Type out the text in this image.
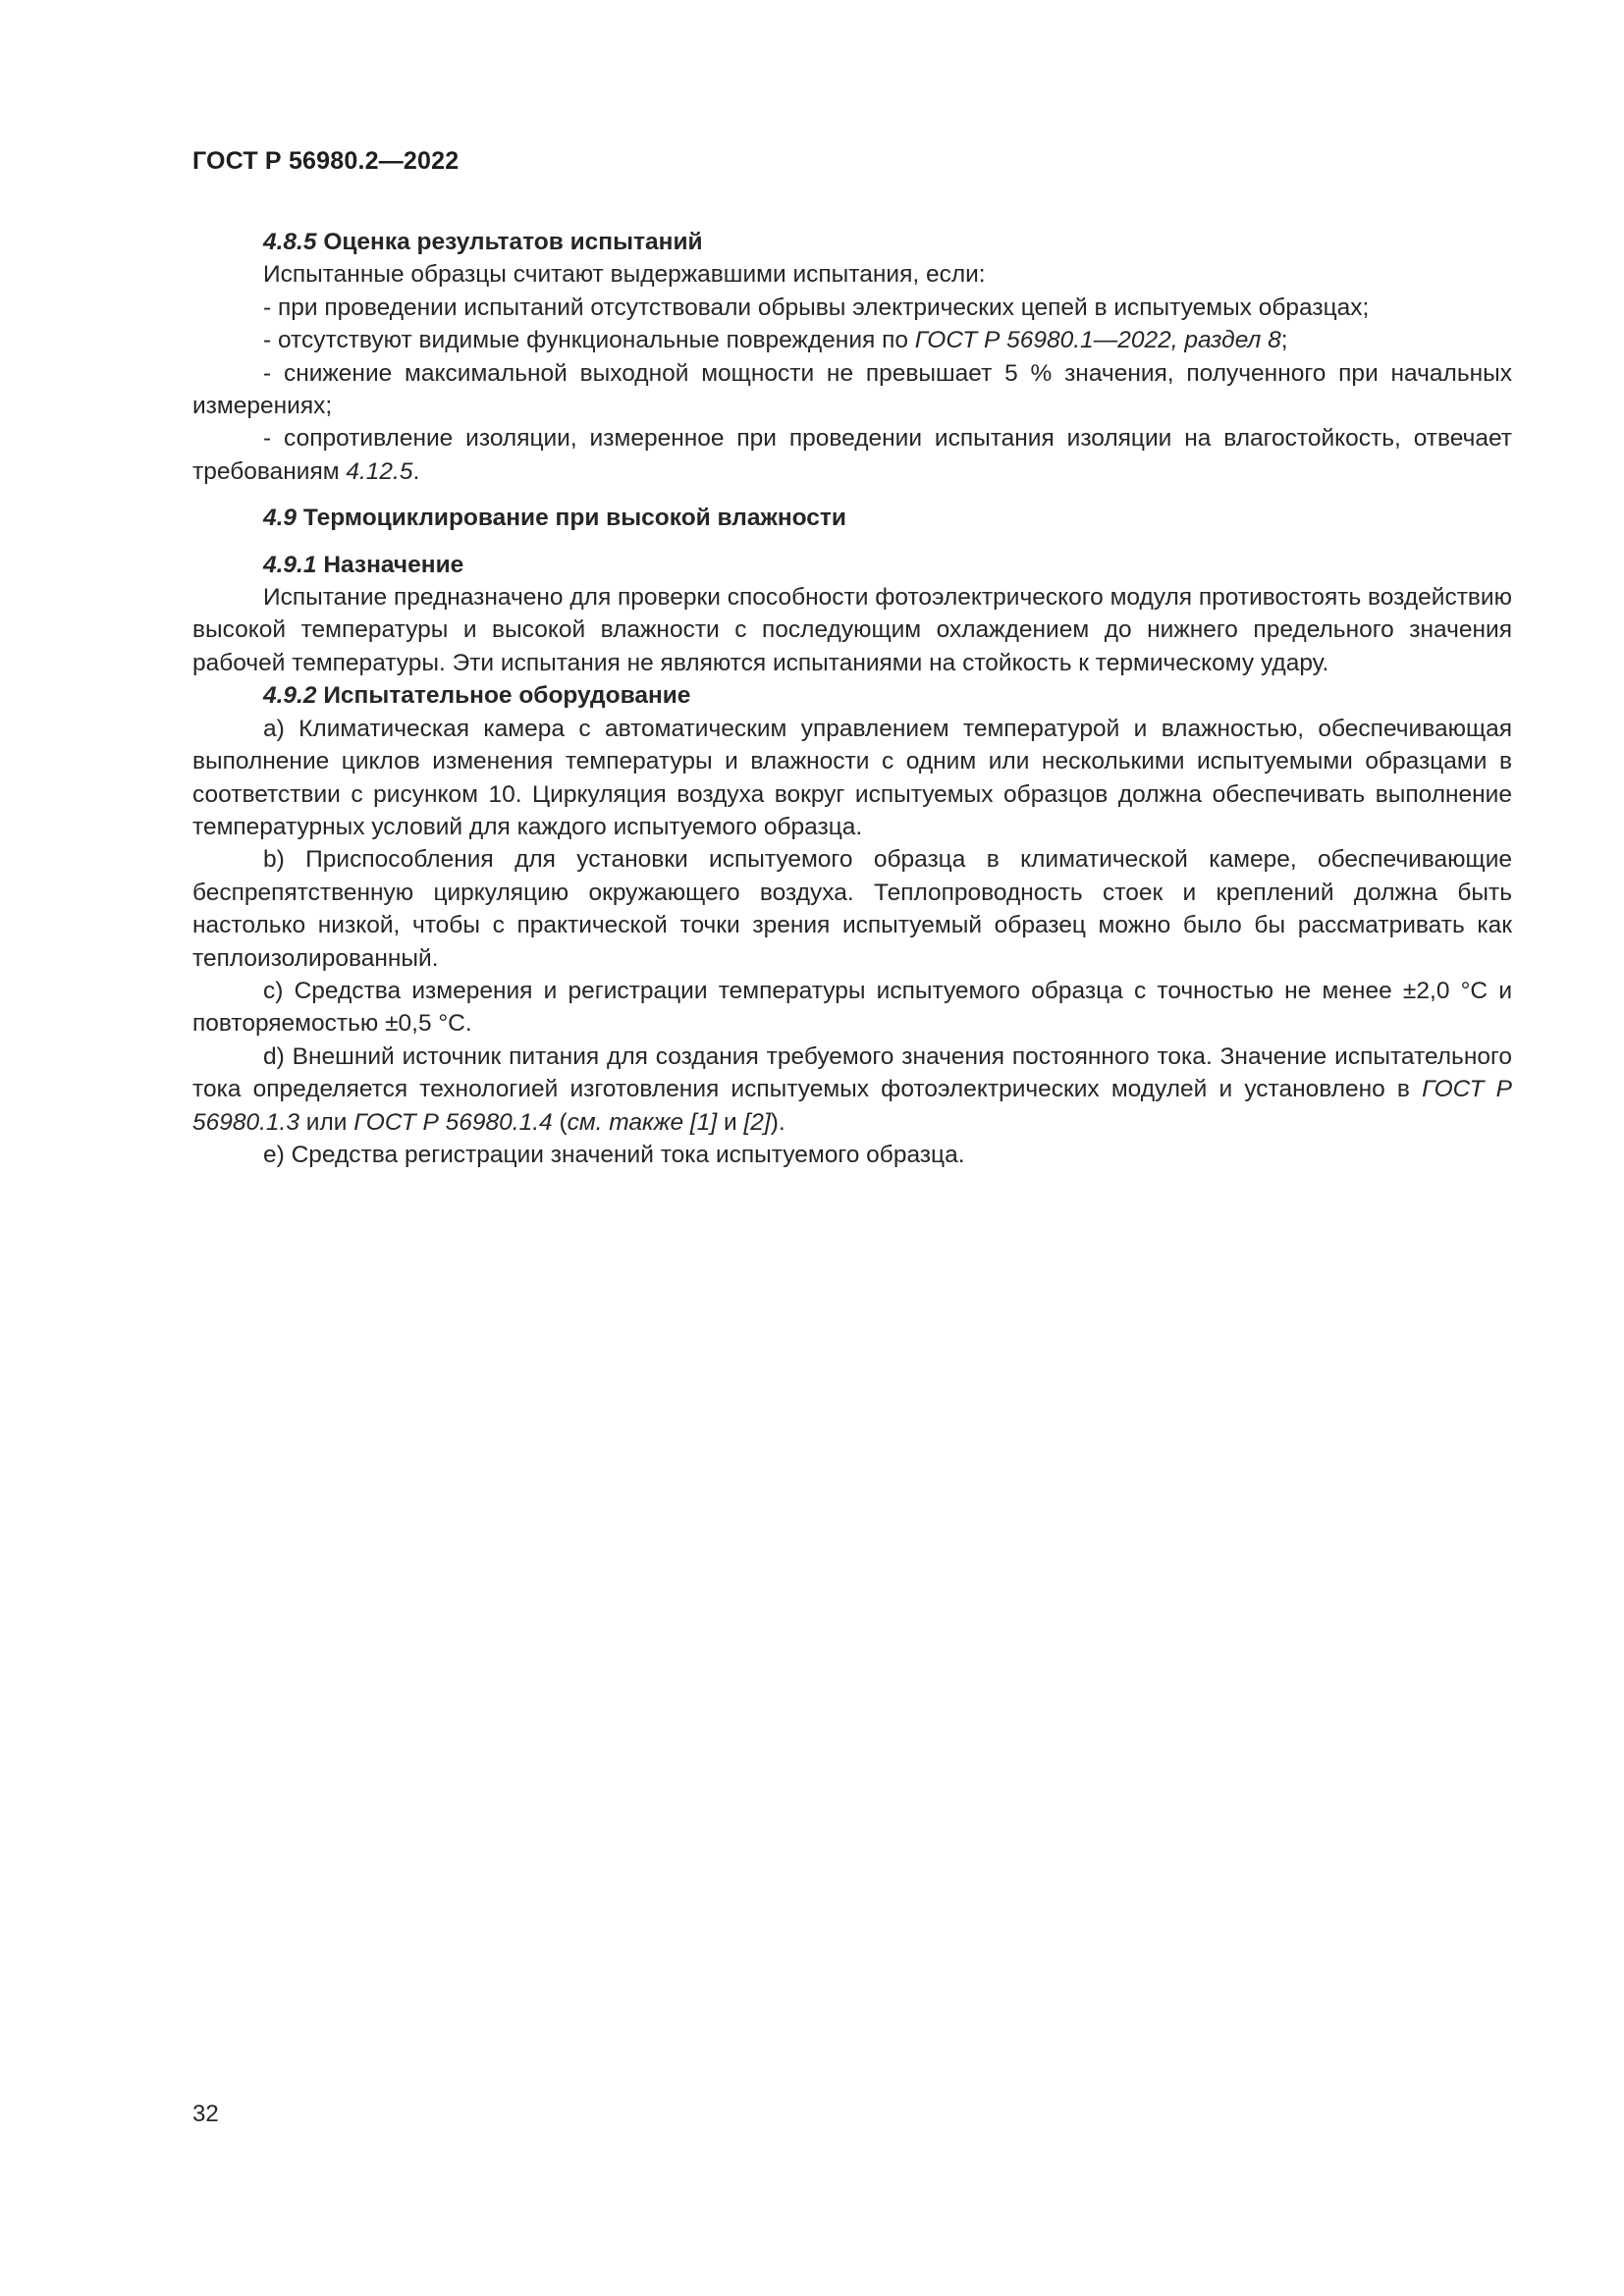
ГОСТ Р 56980.2—2022

4.8.5 Оценка результатов испытаний

Испытанные образцы считают выдержавшими испытания, если:

- при проведении испытаний отсутствовали обрывы электрических цепей в испытуемых образцах;

- отсутствуют видимые функциональные повреждения по ГОСТ Р 56980.1—2022, раздел 8;

- снижение максимальной выходной мощности не превышает 5 % значения, полученного при начальных измерениях;

- сопротивление изоляции, измеренное при проведении испытания изоляции на влагостойкость, отвечает требованиям 4.12.5.

4.9 Термоциклирование при высокой влажности

4.9.1 Назначение

Испытание предназначено для проверки способности фотоэлектрического модуля противостоять воздействию высокой температуры и высокой влажности с последующим охлаждением до нижнего предельного значения рабочей температуры. Эти испытания не являются испытаниями на стойкость к термическому удару.

4.9.2 Испытательное оборудование

а) Климатическая камера с автоматическим управлением температурой и влажностью, обеспечивающая выполнение циклов изменения температуры и влажности с одним или несколькими испытуемыми образцами в соответствии с рисунком 10. Циркуляция воздуха вокруг испытуемых образцов должна обеспечивать выполнение температурных условий для каждого испытуемого образца.

b) Приспособления для установки испытуемого образца в климатической камере, обеспечивающие беспрепятственную циркуляцию окружающего воздуха. Теплопроводность стоек и креплений должна быть настолько низкой, чтобы с практической точки зрения испытуемый образец можно было бы рассматривать как теплоизолированный.

с) Средства измерения и регистрации температуры испытуемого образца с точностью не менее ±2,0 °С и повторяемостью ±0,5 °С.

d) Внешний источник питания для создания требуемого значения постоянного тока. Значение испытательного тока определяется технологией изготовления испытуемых фотоэлектрических модулей и установлено в ГОСТ Р 56980.1.3 или ГОСТ Р 56980.1.4 (см. также [1] и [2]).

е) Средства регистрации значений тока испытуемого образца.

32
